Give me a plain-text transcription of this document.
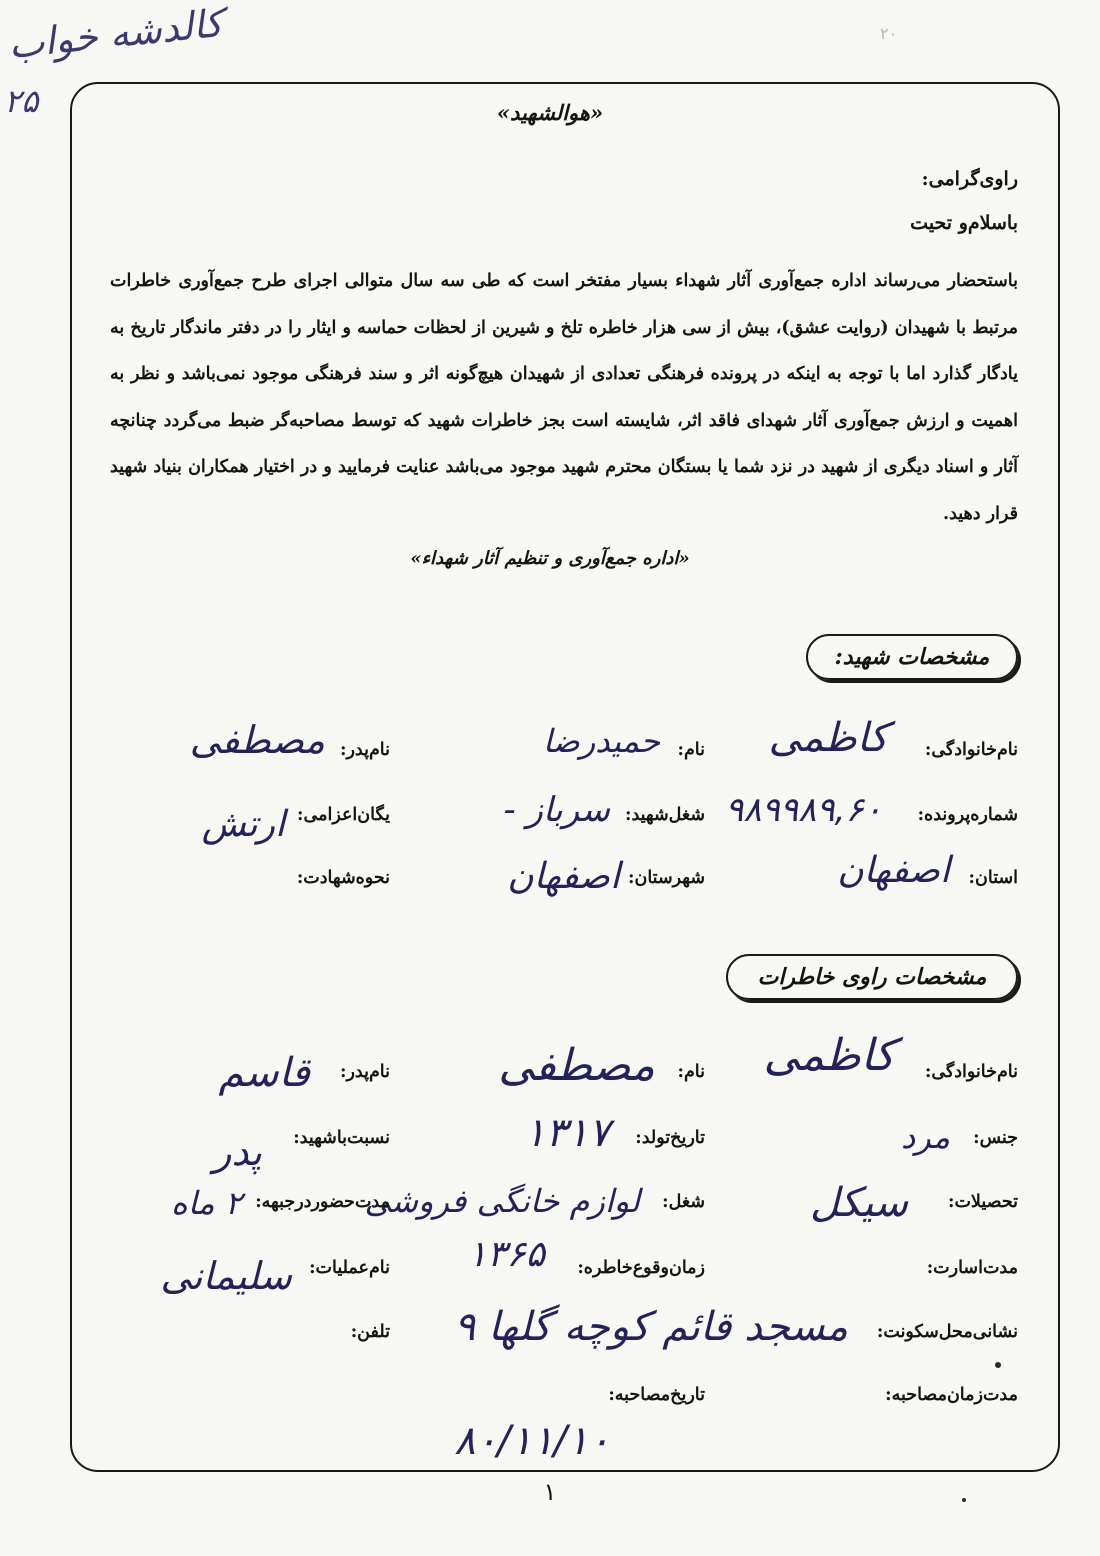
کالدشه خواب
۲۵
۲۰
«هوالشهید»
راوی‌گرامی:
باسلام‌و تحیت
باستحضار می‌رساند اداره جمع‌آوری آثار شهداء بسیار مفتخر است که طی سه سال متوالی اجرای طرح جمع‌آوری خاطرات مرتبط با شهیدان (روایت عشق)، بیش از سی هزار خاطره تلخ و شیرین از لحظات حماسه و ایثار را در دفتر ماندگار تاریخ به یادگار گذارد اما با توجه به اینکه در پرونده فرهنگی تعدادی از شهیدان هیچ‌گونه اثر و سند فرهنگی موجود نمی‌باشد و نظر به اهمیت و ارزش جمع‌آوری آثار شهدای فاقد اثر، شایسته است بجز خاطرات شهید که توسط مصاحبه‌گر ضبط می‌گردد چنانچه آثار و اسناد دیگری از شهید در نزد شما یا بستگان محترم شهید موجود می‌باشد عنایت فرمایید و در اختیار همکاران بنیاد شهید قرار دهید.
«اداره جمع‌آوری و تنظیم آثار شهداء»
مشخصات شهید:
نام‌خانوادگی:
کاظمی
نام:
حمیدرضا
نام‌پدر:
مصطفی
شماره‌پرونده:
۹۸۹۹۸۹,۶۰
شغل‌شهید:
سرباز -
یگان‌اعزامی:
ارتش
استان:
اصفهان
شهرستان:
اصفهان
نحوه‌شهادت:
مشخصات راوی خاطرات
نام‌خانوادگی:
کاظمی
نام:
مصطفی
نام‌پدر:
قاسم
جنس:
مرد
تاریخ‌تولد:
۱۳۱۷
نسبت‌با‌شهید:
پدر
تحصیلات:
سیکل
شغل:
لوازم خانگی فروشی
مدت‌حضوردرجبهه:
۲ ماه
مدت‌اسارت:
زمان‌وقوع‌خاطره:
۱۳۶۵
نام‌عملیات:
سلیمانی
نشانی‌محل‌سکونت:
مسجد قائم کوچه گلها ۹
تلفن:
مدت‌زمان‌مصاحبه:
تاریخ‌مصاحبه:
۸۰/۱۱/۱۰
۱
